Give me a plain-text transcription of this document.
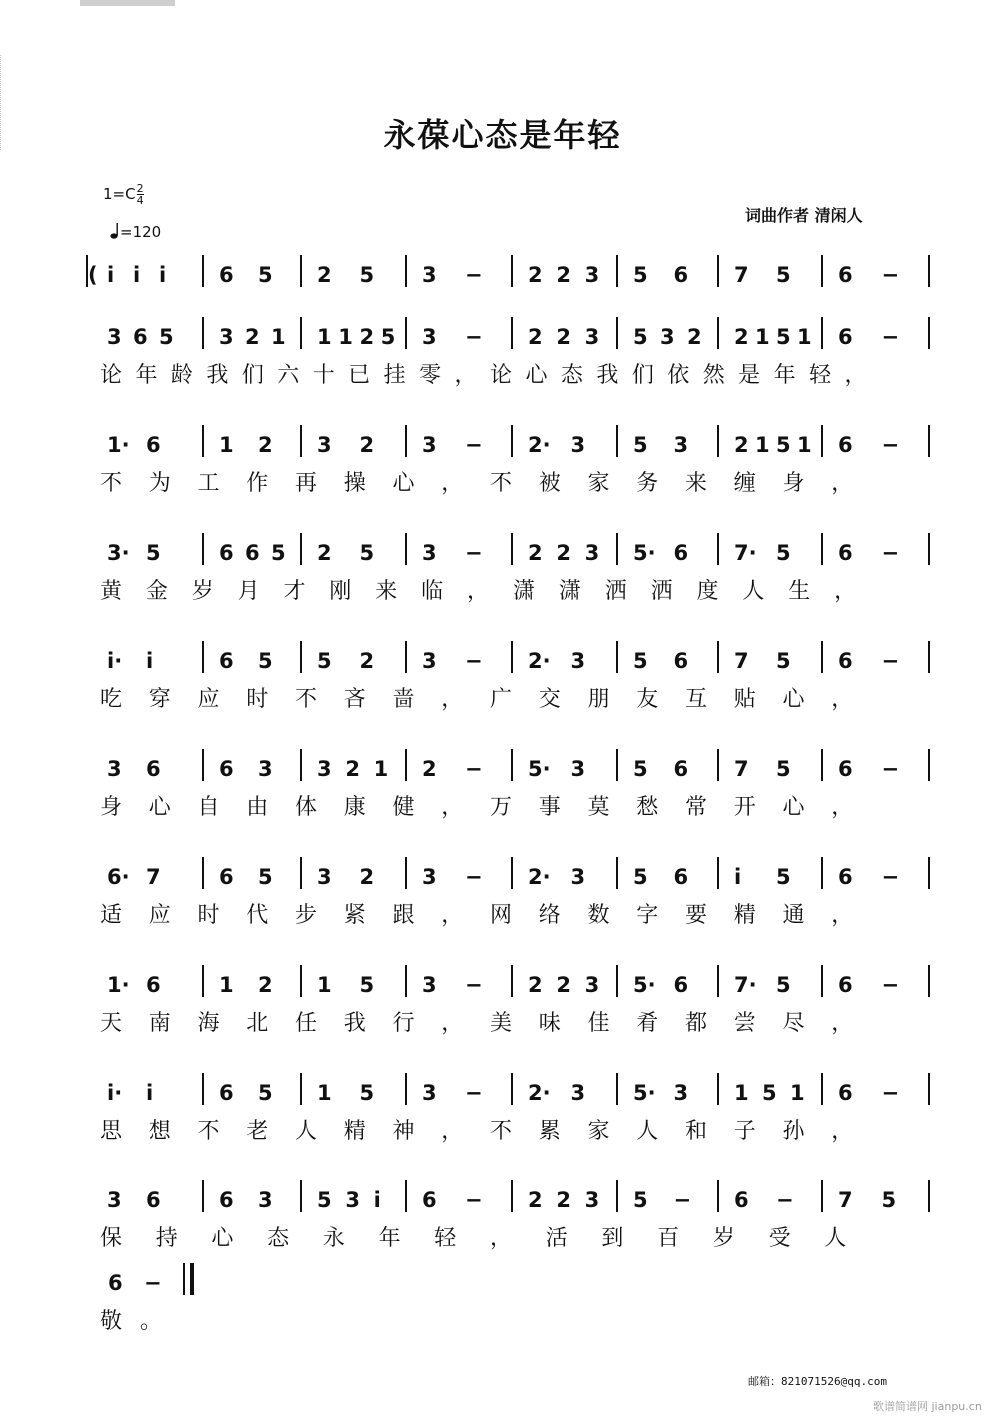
永葆心态是年轻
$1=C \frac{2}{4}$
=120
词曲作者 清闲人
i i i	6 5 2 5 3 − 2 2 3 5 6 7 5 6 −
(
3 6 5 3 2 1 1 1 2 5 3 − 2 2 3 5 3 2 2 1 5 1 6 −
论 年 龄 我 们 六 十 已 挂 零 ， 论 心 态 我 们 依 然 是 年 轻 ，
1· 6	1 2 3 2 3 − 2· 3 5 3 2 1 5 1 6 −
不 为 工 作 再 操 心 ， 不 被 家 务 来 缠 身 ，
3· 5	6 6 5 2 5 3 − 2 2 3 5· 6 7· 5 6 −
黄 金 岁 月 才 刚 来 临 ， 潇 潇 洒 洒 度 人 生 ，
i· i	6 5 5 2 3 − 2· 3 5 6 7 5 6 −
吃 穿 应 时 不 吝 啬 ， 广 交 朋 友 互 贴 心 ，
3 6	6 3 3 2 1 2 − 5· 3 5 6 7 5 6 −
身 心 自 由 体 康 健 ， 万 事 莫 愁 常 开 心 ，
6· 7	6 5 3 2 3 − 2· 3 5 6 i 5 6 −
适 应 时 代 步 紧 跟 ， 网 络 数 字 要 精 通 ，
1· 6	1 2 1 5 3 − 2 2 3 5· 6 7· 5 6 −
天 南 海 北 任 我 行 ， 美 味 佳 肴 都 尝 尽 ，
i· i	6 5 1 5 3 − 2· 3 5· 3 1 5 1 6 −
思 想 不 老 人 精 神 ， 不 累 家 人 和 子 孙 ，
3 6	6 3 5 3 i 6 − 2 2 3 5 − 6 − 7 5
保 持 心 态 永 年 轻 ， 活 到 百 岁 受 人
6 −
敬 。
邮箱：821071526@qq.com
歌谱简谱网 jianpu.cn
